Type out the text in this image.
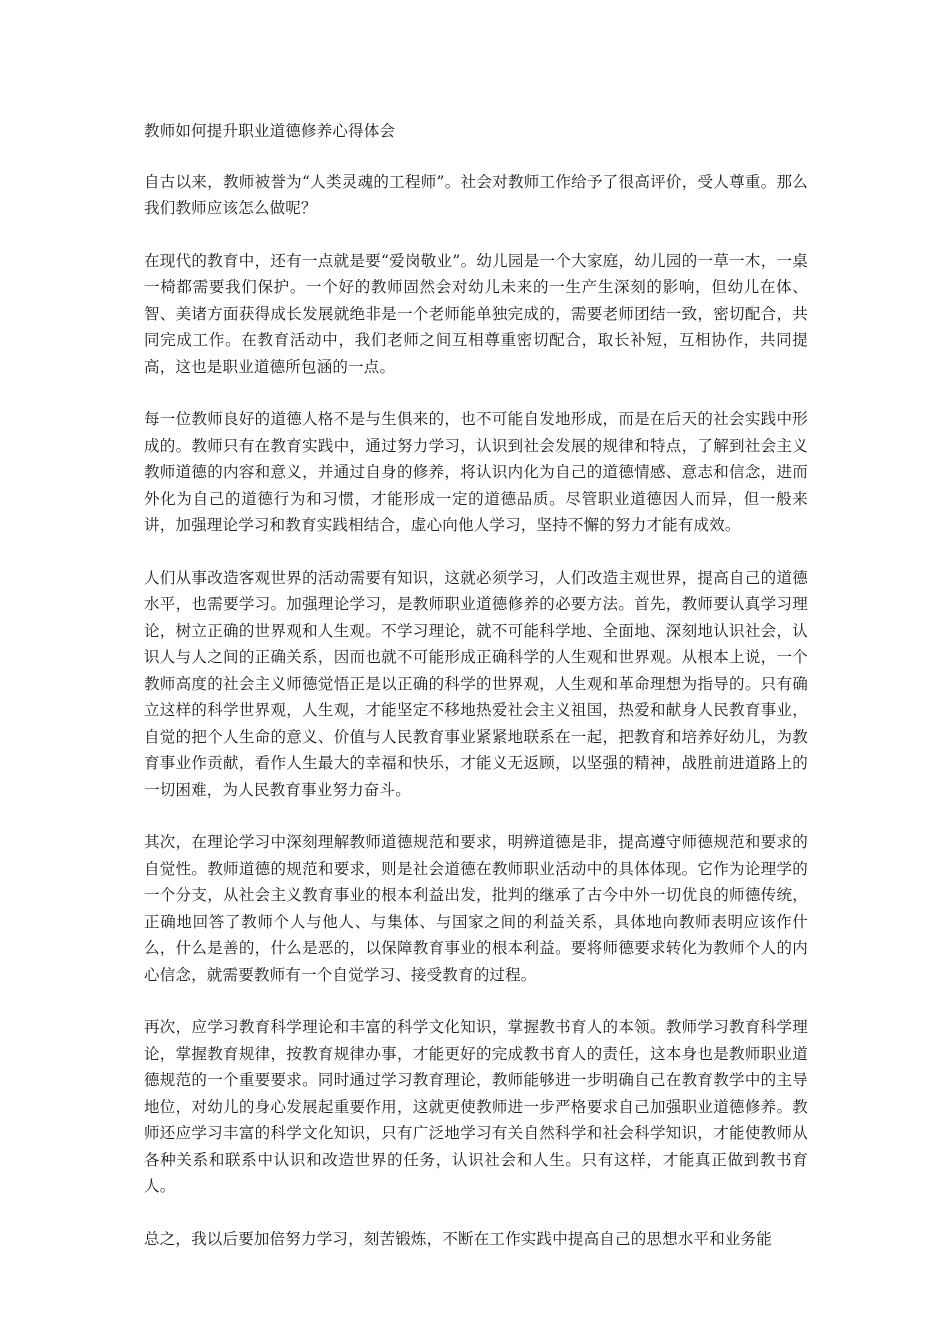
教师如何提升职业道德修养心得体会

自古以来，教师被誉为“人类灵魂的工程师”。社会对教师工作给予了很高评价，受人尊重。那么我们教师应该怎么做呢？

在现代的教育中，还有一点就是要“爱岗敬业”。幼儿园是一个大家庭，幼儿园的一草一木，一桌一椅都需要我们保护。一个好的教师固然会对幼儿未来的一生产生深刻的影响，但幼儿在体、智、美诸方面获得成长发展就绝非是一个老师能单独完成的，需要老师团结一致，密切配合，共同完成工作。在教育活动中，我们老师之间互相尊重密切配合，取长补短，互相协作，共同提高，这也是职业道德所包涵的一点。

每一位教师良好的道德人格不是与生俱来的，也不可能自发地形成，而是在后天的社会实践中形成的。教师只有在教育实践中，通过努力学习，认识到社会发展的规律和特点，了解到社会主义教师道德的内容和意义，并通过自身的修养，将认识内化为自己的道德情感、意志和信念，进而外化为自己的道德行为和习惯，才能形成一定的道德品质。尽管职业道德因人而异，但一般来讲，加强理论学习和教育实践相结合，虚心向他人学习，坚持不懈的努力才能有成效。

人们从事改造客观世界的活动需要有知识，这就必须学习，人们改造主观世界，提高自己的道德水平，也需要学习。加强理论学习，是教师职业道德修养的必要方法。首先，教师要认真学习理论，树立正确的世界观和人生观。不学习理论，就不可能科学地、全面地、深刻地认识社会，认识人与人之间的正确关系，因而也就不可能形成正确科学的人生观和世界观。从根本上说，一个教师高度的社会主义师德觉悟正是以正确的科学的世界观，人生观和革命理想为指导的。只有确立这样的科学世界观，人生观，才能坚定不移地热爱社会主义祖国，热爱和献身人民教育事业，自觉的把个人生命的意义、价值与人民教育事业紧紧地联系在一起，把教育和培养好幼儿，为教育事业作贡献，看作人生最大的幸福和快乐，才能义无返顾，以坚强的精神，战胜前进道路上的一切困难，为人民教育事业努力奋斗。

其次，在理论学习中深刻理解教师道德规范和要求，明辨道德是非，提高遵守师德规范和要求的自觉性。教师道德的规范和要求，则是社会道德在教师职业活动中的具体体现。它作为论理学的一个分支，从社会主义教育事业的根本利益出发，批判的继承了古今中外一切优良的师德传统，正确地回答了教师个人与他人、与集体、与国家之间的利益关系，具体地向教师表明应该作什么，什么是善的，什么是恶的，以保障教育事业的根本利益。要将师德要求转化为教师个人的内心信念，就需要教师有一个自觉学习、接受教育的过程。

再次，应学习教育科学理论和丰富的科学文化知识，掌握教书育人的本领。教师学习教育科学理论，掌握教育规律，按教育规律办事，才能更好的完成教书育人的责任，这本身也是教师职业道德规范的一个重要要求。同时通过学习教育理论，教师能够进一步明确自己在教育教学中的主导地位，对幼儿的身心发展起重要作用，这就更使教师进一步严格要求自己加强职业道德修养。教师还应学习丰富的科学文化知识，只有广泛地学习有关自然科学和社会科学知识，才能使教师从各种关系和联系中认识和改造世界的任务，认识社会和人生。只有这样，才能真正做到教书育人。

总之，我以后要加倍努力学习，刻苦锻炼，不断在工作实践中提高自己的思想水平和业务能
